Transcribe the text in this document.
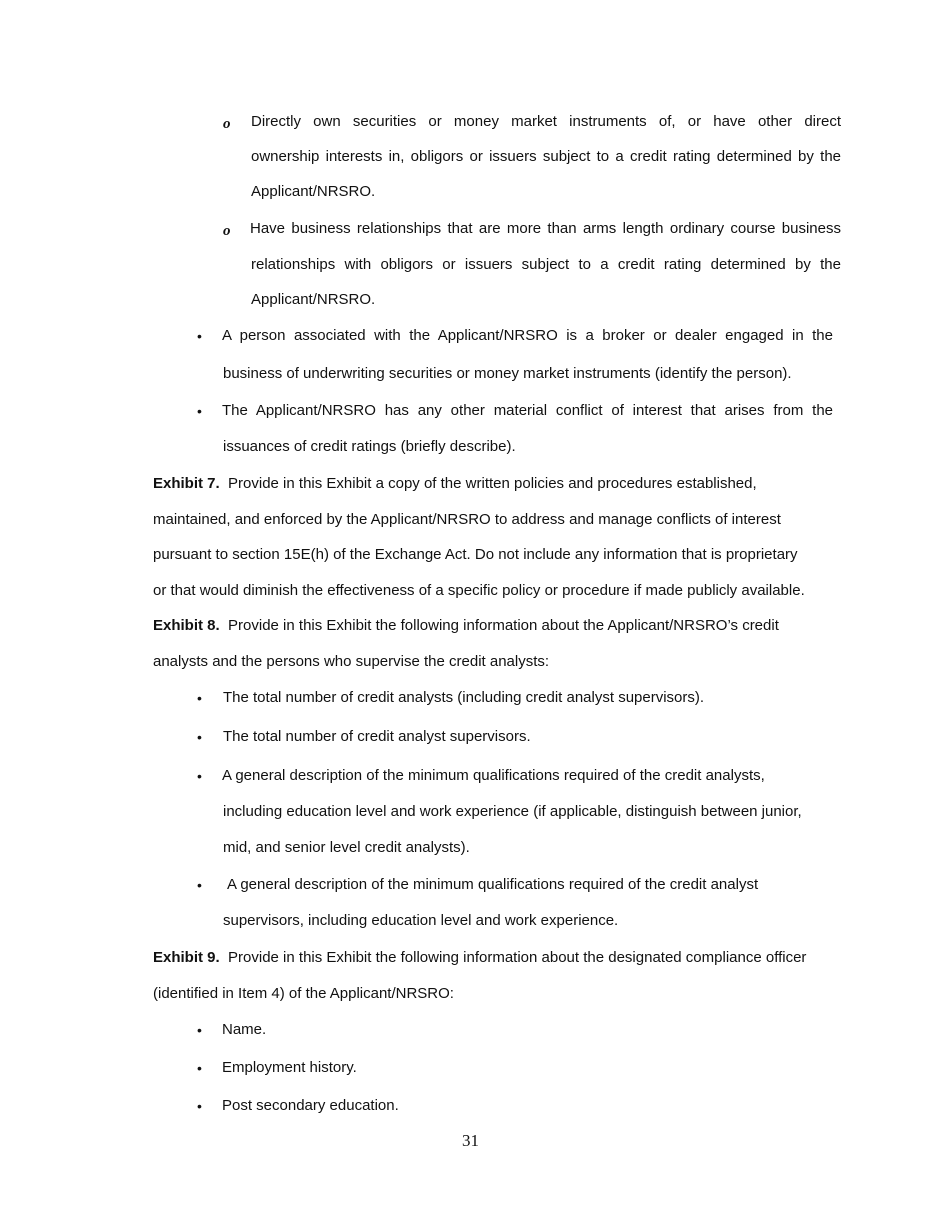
o Directly own securities or money market instruments of, or have other direct
ownership interests in, obligors or issuers subject to a credit rating determined by the
Applicant/NRSRO.
o Have business relationships that are more than arms length ordinary course business
relationships with obligors or issuers subject to a credit rating determined by the
Applicant/NRSRO.
• A person associated with the Applicant/NRSRO is a broker or dealer engaged in the
business of underwriting securities or money market instruments (identify the person).
• The Applicant/NRSRO has any other material conflict of interest that arises from the
issuances of credit ratings (briefly describe).
Exhibit 7. Provide in this Exhibit a copy of the written policies and procedures established,
maintained, and enforced by the Applicant/NRSRO to address and manage conflicts of interest
pursuant to section 15E(h) of the Exchange Act. Do not include any information that is proprietary
or that would diminish the effectiveness of a specific policy or procedure if made publicly available.
Exhibit 8. Provide in this Exhibit the following information about the Applicant/NRSRO’s credit
analysts and the persons who supervise the credit analysts:
• The total number of credit analysts (including credit analyst supervisors).
• The total number of credit analyst supervisors.
• A general description of the minimum qualifications required of the credit analysts,
including education level and work experience (if applicable, distinguish between junior,
mid, and senior level credit analysts).
• A general description of the minimum qualifications required of the credit analyst
supervisors, including education level and work experience.
Exhibit 9. Provide in this Exhibit the following information about the designated compliance officer
(identified in Item 4) of the Applicant/NRSRO:
• Name.
• Employment history.
• Post secondary education.
31
